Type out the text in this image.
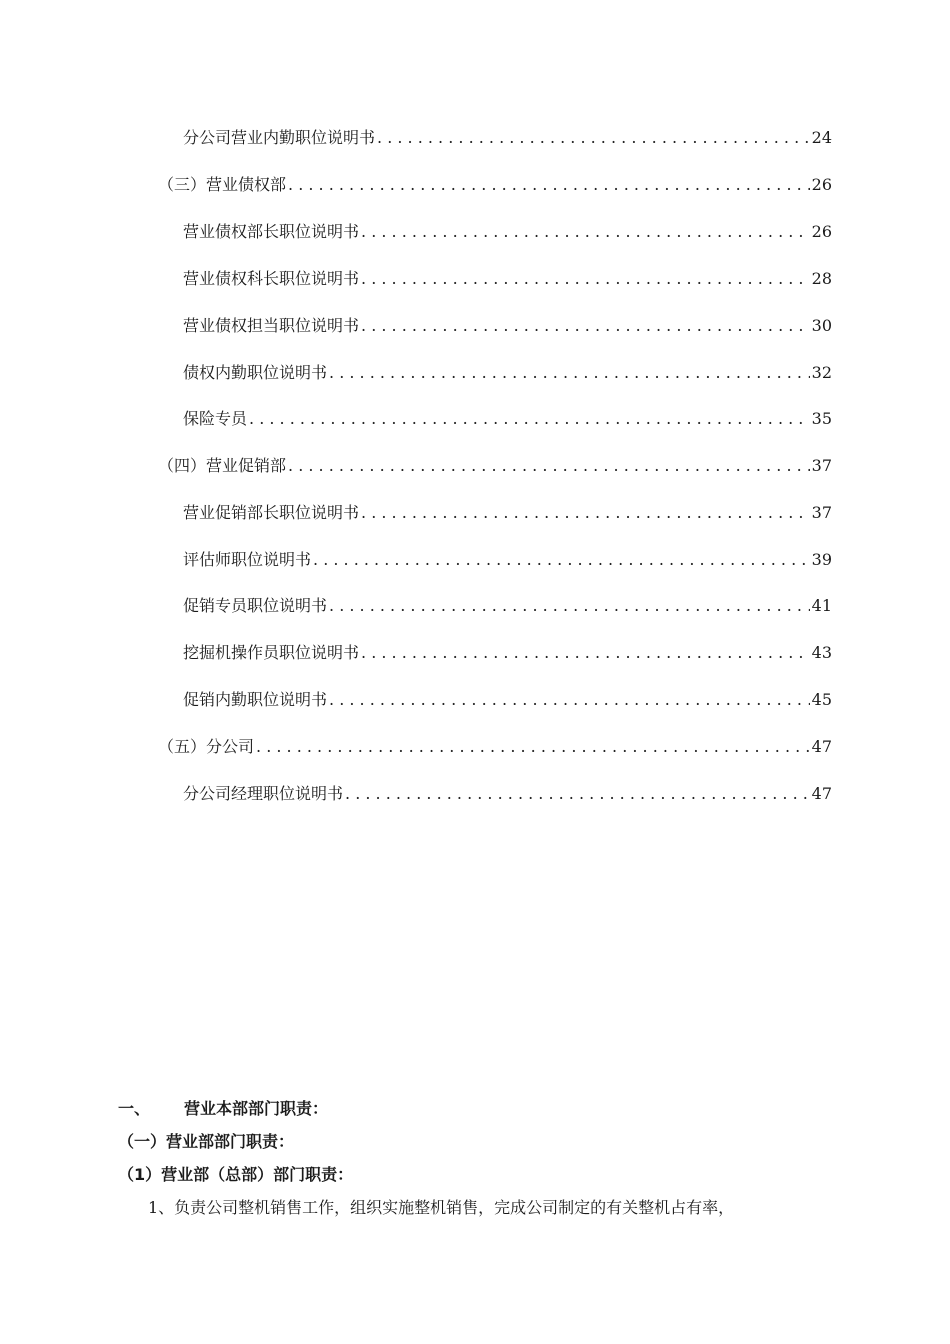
分公司营业内勤职位说明书 . . .	24
（三）营业债权部 . . .	26
营业债权部长职位说明书 . . .	26
营业债权科长职位说明书 . . .	28
营业债权担当职位说明书 . . .	30
债权内勤职位说明书 . . .	32
保险专员 . . .	35
（四）营业促销部 . . .	37
营业促销部长职位说明书 . . .	37
评估师职位说明书 . . .	39
促销专员职位说明书 . . .	41
挖掘机操作员职位说明书 . . .	43
促销内勤职位说明书 . . .	45
（五）分公司 . . .	47
分公司经理职位说明书 . . .	47
一、 营业本部部门职责：
（一）营业部部门职责：
（1）营业部（总部）部门职责：
1、负责公司整机销售工作，组织实施整机销售，完成公司制定的有关整机占有率，
